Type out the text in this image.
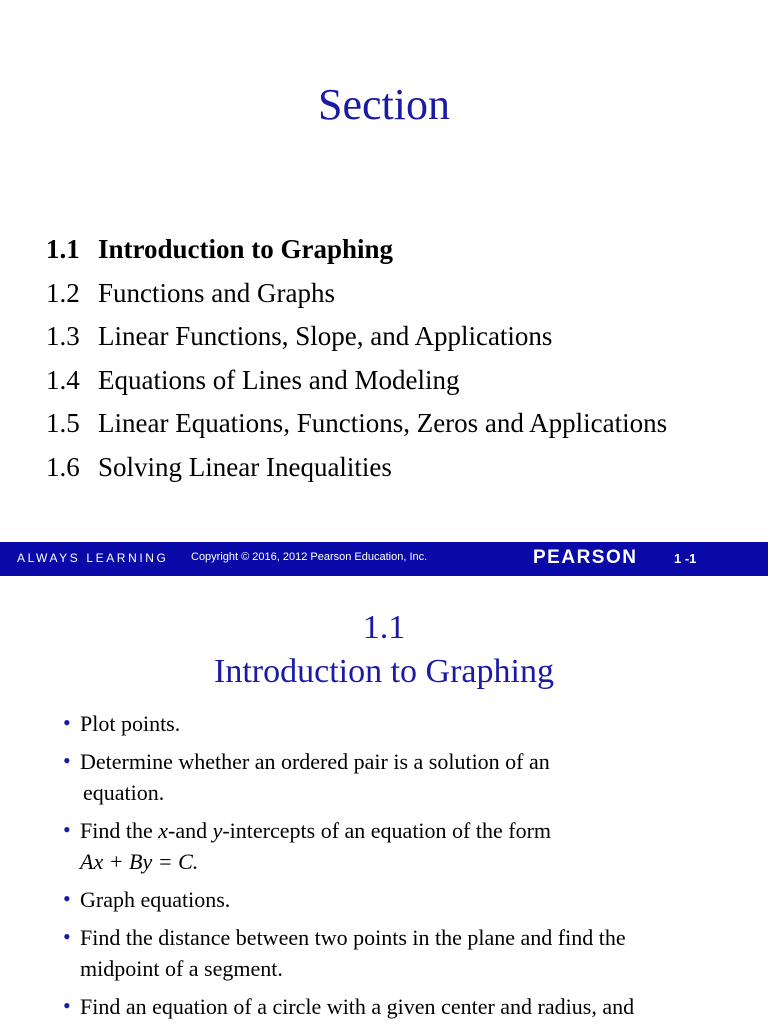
Section
1.1 Introduction to Graphing
1.2 Functions and Graphs
1.3 Linear Functions, Slope, and Applications
1.4 Equations of Lines and Modeling
1.5 Linear Equations, Functions, Zeros and Applications
1.6 Solving Linear Inequalities
ALWAYS LEARNING Copyright © 2016, 2012 Pearson Education, Inc.	PEARSON	1 -1
1.1
Introduction to Graphing
• Plot points.
• Determine whether an ordered pair is a solution of an
equation.
• Find the x-and y-intercepts of an equation of the form
Ax + By = C.
• Graph equations.
• Find the distance between two points in the plane and find the
midpoint of a segment.
• Find an equation of a circle with a given center and radius, and
